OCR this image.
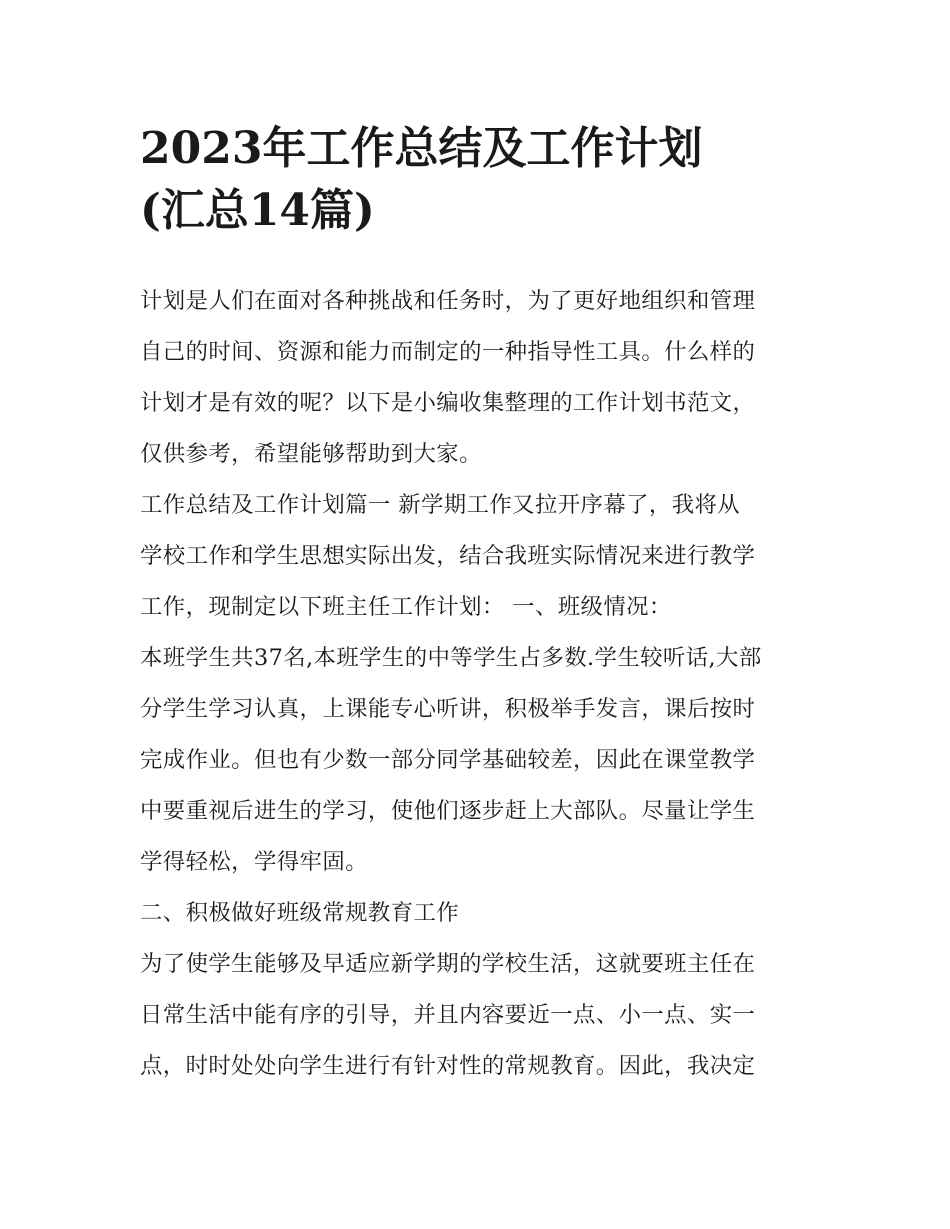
2023年工作总结及工作计划
(汇总14篇)
计划是人们在面对各种挑战和任务时，为了更好地组织和管理
自己的时间、资源和能力而制定的一种指导性工具。什么样的
计划才是有效的呢？以下是小编收集整理的工作计划书范文，
仅供参考，希望能够帮助到大家。
工作总结及工作计划篇一 新学期工作又拉开序幕了，我将从
学校工作和学生思想实际出发，结合我班实际情况来进行教学
工作，现制定以下班主任工作计划： 一、班级情况：
本班学生共37名,本班学生的中等学生占多数.学生较听话,大部
分学生学习认真，上课能专心听讲，积极举手发言，课后按时
完成作业。但也有少数一部分同学基础较差，因此在课堂教学
中要重视后进生的学习，使他们逐步赶上大部队。尽量让学生
学得轻松，学得牢固。
二、积极做好班级常规教育工作
为了使学生能够及早适应新学期的学校生活，这就要班主任在
日常生活中能有序的引导，并且内容要近一点、小一点、实一
点，时时处处向学生进行有针对性的常规教育。因此，我决定
